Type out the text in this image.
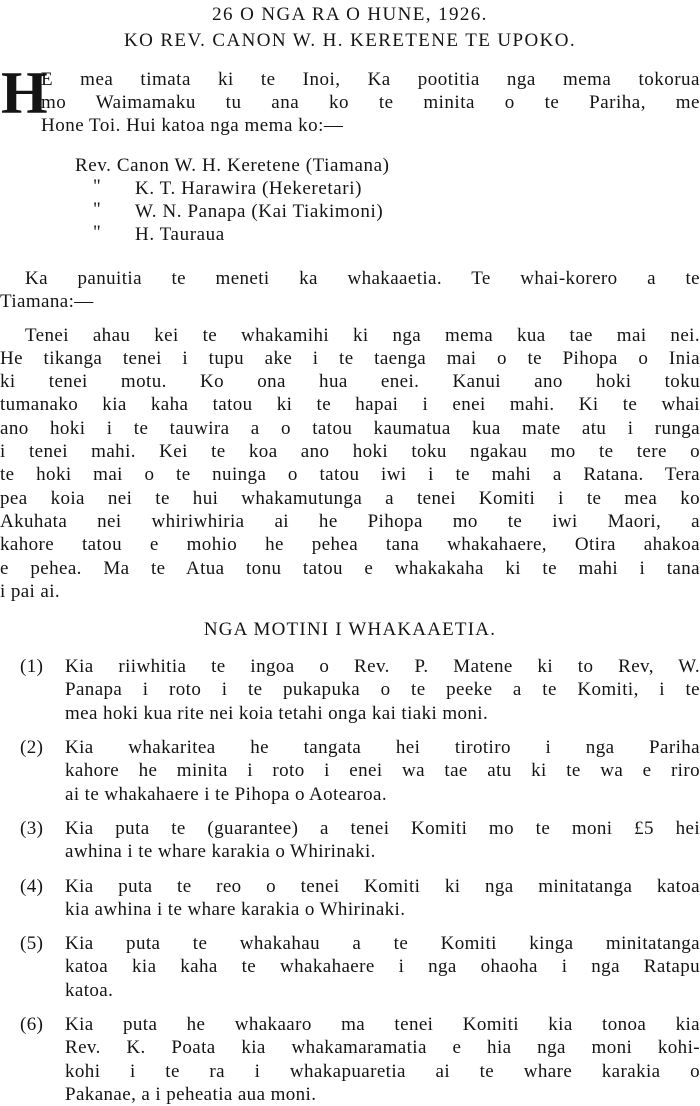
26 O NGA RA O HUNE, 1926.
KO REV. CANON W. H. KERETENE TE UPOKO.
H
E mea timata ki te Inoi, Ka pootitia nga mema tokorua
mo Waimamaku tu ana ko te minita o te Pariha, me
Hone Toi. Hui katoa nga mema ko:—
Rev. Canon W. H. Keretene (Tiamana)
" K. T. Harawira (Hekeretari)
" W. N. Panapa (Kai Tiakimoni)
" H. Tauraua
Ka panuitia te meneti ka whakaaetia. Te whai-korero a te
Tiamana:—
Tenei ahau kei te whakamihi ki nga mema kua tae mai nei.
He tikanga tenei i tupu ake i te taenga mai o te Pihopa o Inia
ki tenei motu. Ko ona hua enei. Kanui ano hoki toku
tumanako kia kaha tatou ki te hapai i enei mahi. Ki te whai
ano hoki i te tauwira a o tatou kaumatua kua mate atu i runga
i tenei mahi. Kei te koa ano hoki toku ngakau mo te tere o
te hoki mai o te nuinga o tatou iwi i te mahi a Ratana. Tera
pea koia nei te hui whakamutunga a tenei Komiti i te mea ko
Akuhata nei whiriwhiria ai he Pihopa mo te iwi Maori, a
kahore tatou e mohio he pehea tana whakahaere, Otira ahakoa
e pehea. Ma te Atua tonu tatou e whakakaha ki te mahi i tana
i pai ai.
NGA MOTINI I WHAKAAETIA.
(1) Kia riiwhitia te ingoa o Rev. P. Matene ki to Rev, W.
Panapa i roto i te pukapuka o te peeke a te Komiti, i te
mea hoki kua rite nei koia tetahi onga kai tiaki moni.
(2) Kia whakaritea he tangata hei tirotiro i nga Pariha
kahore he minita i roto i enei wa tae atu ki te wa e riro
ai te whakahaere i te Pihopa o Aotearoa.
(3) Kia puta te (guarantee) a tenei Komiti mo te moni £5 hei
awhina i te whare karakia o Whirinaki.
(4) Kia puta te reo o tenei Komiti ki nga minitatanga katoa
kia awhina i te whare karakia o Whirinaki.
(5) Kia puta te whakahau a te Komiti kinga minitatanga
katoa kia kaha te whakahaere i nga ohaoha i nga Ratapu
katoa.
(6) Kia puta he whakaaro ma tenei Komiti kia tonoa kia
Rev. K. Poata kia whakamaramatia e hia nga moni kohi-
kohi i te ra i whakapuaretia ai te whare karakia o
Pakanae, a i peheatia aua moni.
